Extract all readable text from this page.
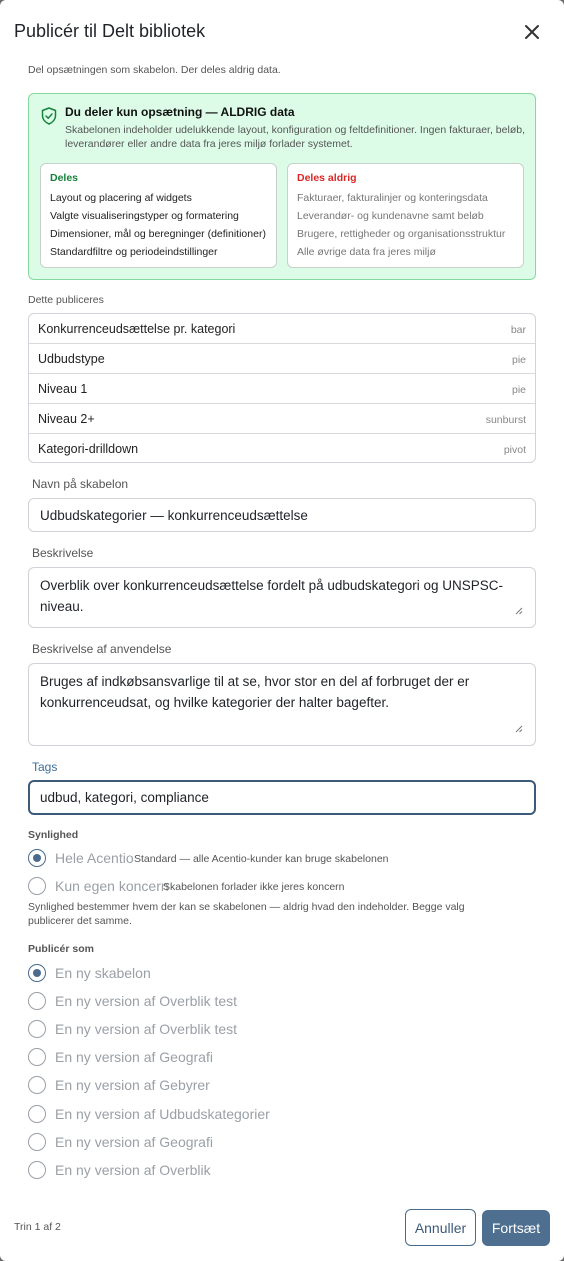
Publicér til Delt bibliotek
Del opsætningen som skabelon. Der deles aldrig data.
Du deler kun opsætning — ALDRIG data
Skabelonen indeholder udelukkende layout, konfiguration og feltdefinitioner. Ingen fakturaer, beløb, leverandører eller andre data fra jeres miljø forlader systemet.
Deles
Layout og placering af widgets
Valgte visualiseringstyper og formatering
Dimensioner, mål og beregninger (definitioner)
Standardfiltre og periodeindstillinger
Deles aldrig
Fakturaer, fakturalinjer og konteringsdata
Leverandør- og kundenavne samt beløb
Brugere, rettigheder og organisationsstruktur
Alle øvrige data fra jeres miljø
Dette publiceres
Konkurrenceudsættelse pr. kategori	bar
Udbudstype	pie
Niveau 1	pie
Niveau 2+	sunburst
Kategori-drilldown	pivot
Navn på skabelon
Udbudskategorier — konkurrenceudsættelse
Beskrivelse
Overblik over konkurrenceudsættelse fordelt på udbudskategori og UNSPSC-niveau.
Beskrivelse af anvendelse
Bruges af indkøbsansvarlige til at se, hvor stor en del af forbruget der er konkurrenceudsat, og hvilke kategorier der halter bagefter.
Tags
udbud, kategori, compliance
Synlighed
Hele Acentio Standard — alle Acentio-kunder kan bruge skabelonen
Kun egen koncern
Skabelonen forlader ikke jeres koncern
Synlighed bestemmer hvem der kan se skabelonen — aldrig hvad den indeholder. Begge valg publicerer det samme.
Publicér som
En ny skabelon
En ny version af Overblik test
En ny version af Overblik test
En ny version af Geografi
En ny version af Gebyrer
En ny version af Udbudskategorier
En ny version af Geografi
En ny version af Overblik
Trin 1 af 2	Annuller	Fortsæt
